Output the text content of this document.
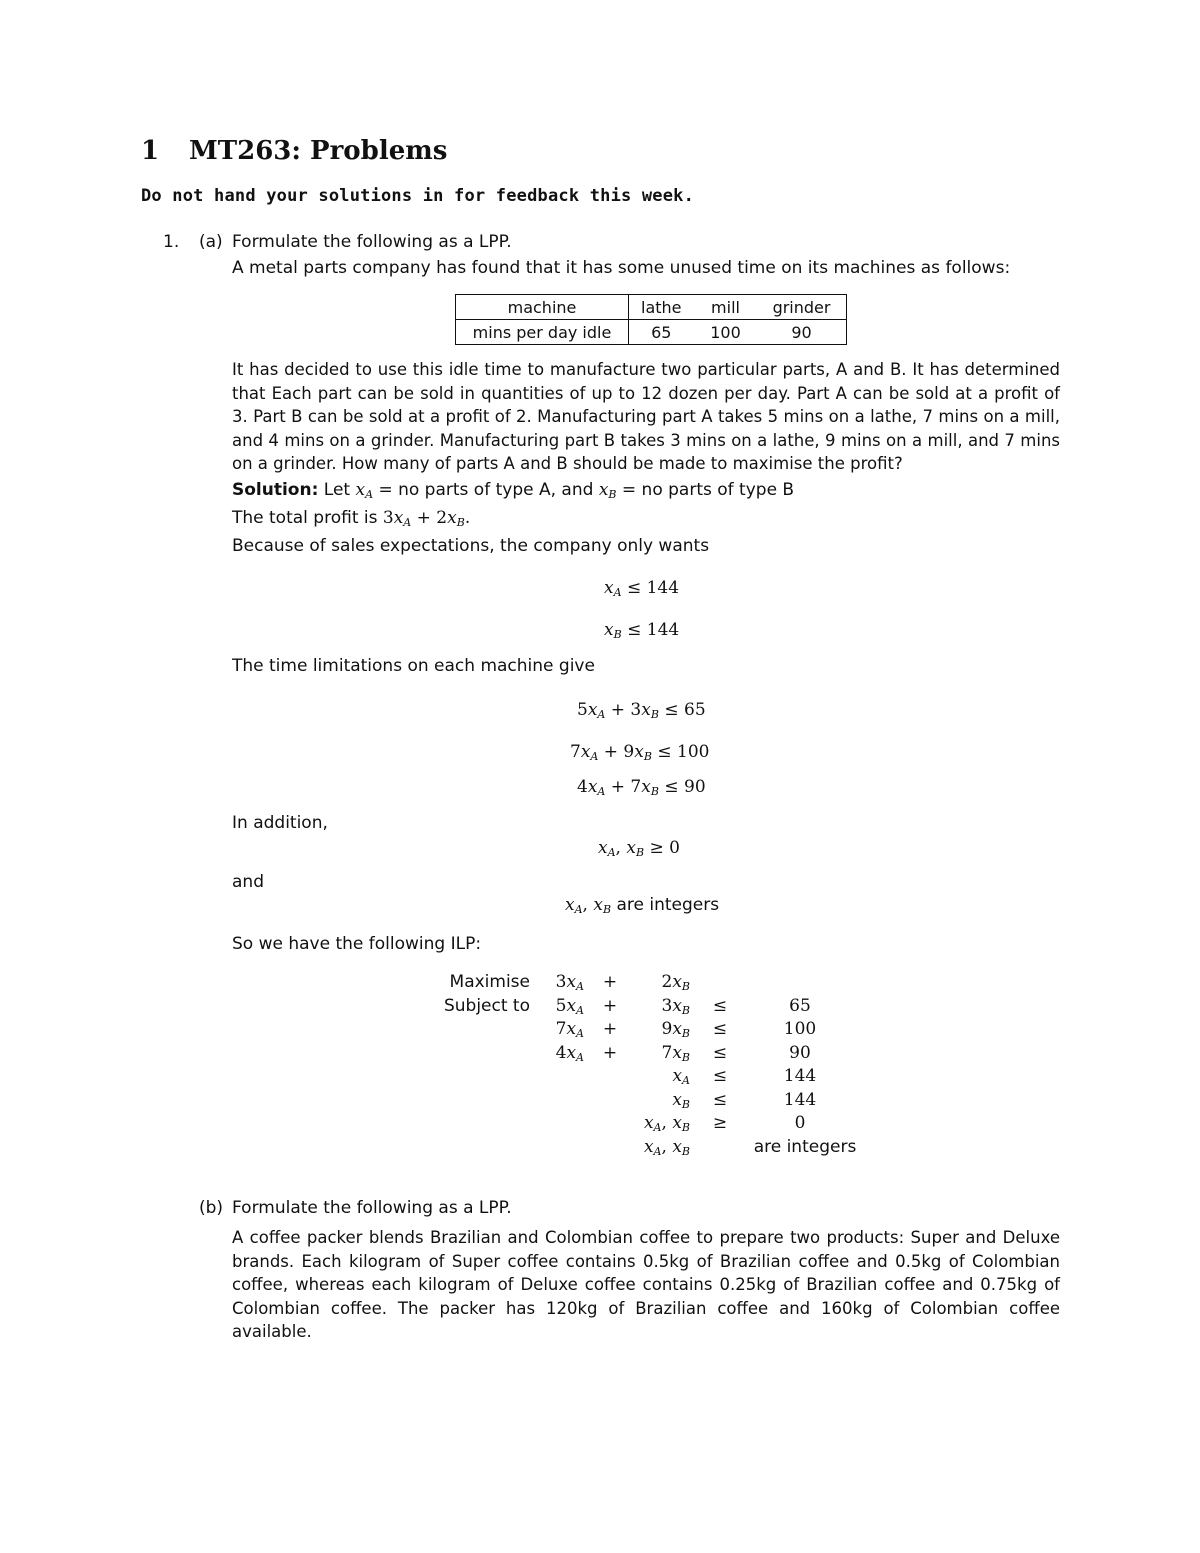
1 MT263: Problems
Do not hand your solutions in for feedback this week.
1. (a) Formulate the following as a LPP.
A metal parts company has found that it has some unused time on its machines as follows:
machine	lathe	mill	grinder
mins per day idle	65	100	90
It has decided to use this idle time to manufacture two particular parts, A and B. It has determined that Each part can be sold in quantities of up to 12 dozen per day. Part A can be sold at a profit of 3. Part B can be sold at a profit of 2. Manufacturing part A takes 5 mins on a lathe, 7 mins on a mill, and 4 mins on a grinder. Manufacturing part B takes 3 mins on a lathe, 9 mins on a mill, and 7 mins on a grinder. How many of parts A and B should be made to maximise the profit?
Solution: Let $x_A$ = no parts of type A, and $x_B$ = no parts of type B
The total profit is $3x_A + 2x_B$.
Because of sales expectations, the company only wants
$x_A \le 144$
$x_B \le 144$
The time limitations on each machine give
$5x_A + 3x_B \le 65$
$7x_A + 9x_B \le 100$
$4x_A + 7x_B \le 90$
In addition,
$x_A$, $x_B \ge 0$
and
$x_A$, $x_B$ are integers
So we have the following ILP:
Maximise	$3x_A$ +	$2x_B$
Subject to	$5x_A$ +	$3x_B$ ≤	65
$7x_A$ +	$9x_B$ ≤	100
$4x_A$ +	$7x_B$ ≤	90
$x_A$ ≤	144
$x_B$ ≤	144
$x_A$, $x_B$ ≥	0
$x_A$, $x_B$	are integers
(b) Formulate the following as a LPP.
A coffee packer blends Brazilian and Colombian coffee to prepare two products: Super and Deluxe brands. Each kilogram of Super coffee contains 0.5kg of Brazilian coffee and 0.5kg of Colombian coffee, whereas each kilogram of Deluxe coffee contains 0.25kg of Brazilian coffee and 0.75kg of Colombian coffee. The packer has 120kg of Brazilian coffee and 160kg of Colombian coffee available.
